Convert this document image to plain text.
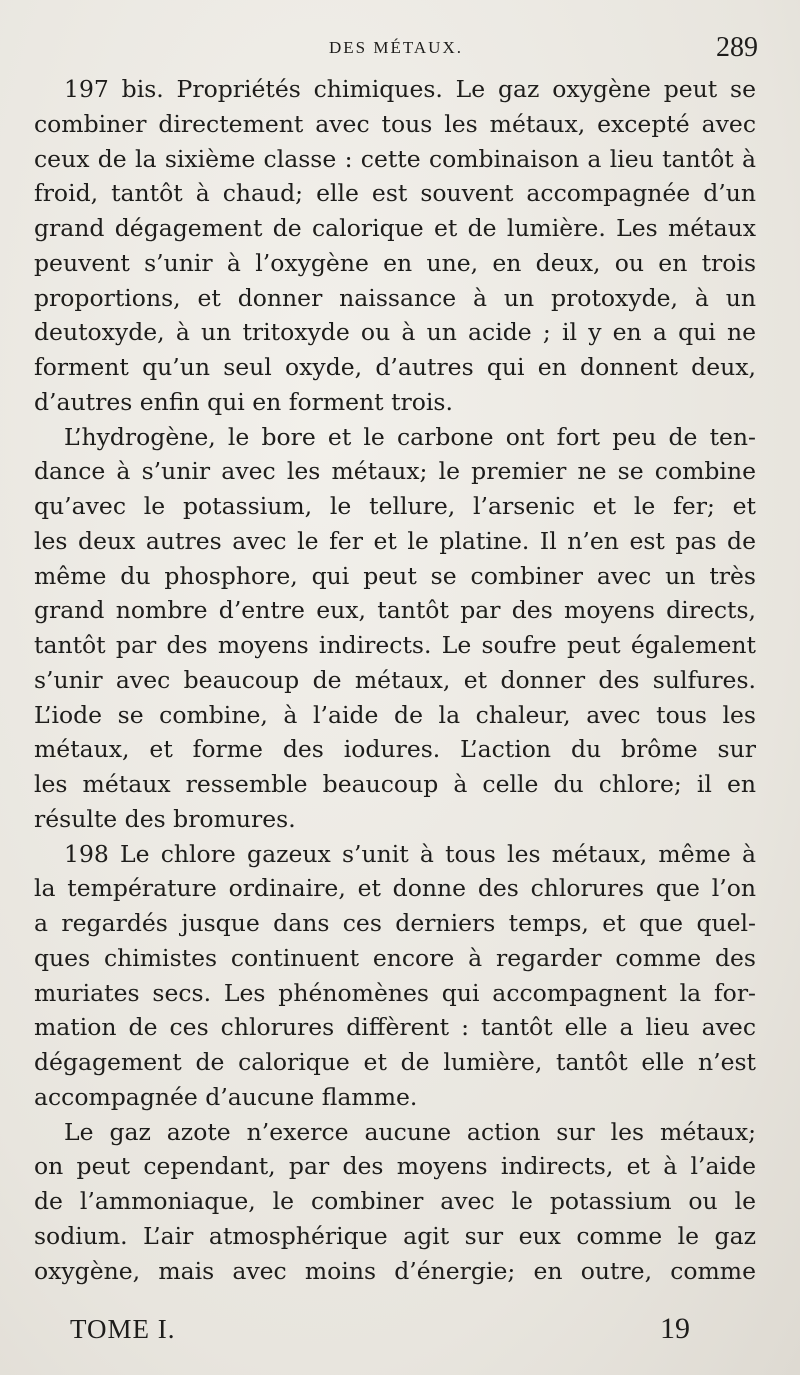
DES MÉTAUX.	289
197 bis. Propriétés chimiques. Le gaz oxygène peut se
combiner directement avec tous les métaux, excepté avec
ceux de la sixième classe : cette combinaison a lieu tantôt à
froid, tantôt à chaud; elle est souvent accompagnée d’un
grand dégagement de calorique et de lumière. Les métaux
peuvent s’unir à l’oxygène en une, en deux, ou en trois
proportions, et donner naissance à un protoxyde, à un
deutoxyde, à un tritoxyde ou à un acide ; il y en a qui ne
forment qu’un seul oxyde, d’autres qui en donnent deux,
d’autres enfin qui en forment trois.
L’hydrogène, le bore et le carbone ont fort peu de ten-
dance à s’unir avec les métaux; le premier ne se combine
qu’avec le potassium, le tellure, l’arsenic et le fer; et
les deux autres avec le fer et le platine. Il n’en est pas de
même du phosphore, qui peut se combiner avec un très
grand nombre d’entre eux, tantôt par des moyens directs,
tantôt par des moyens indirects. Le soufre peut également
s’unir avec beaucoup de métaux, et donner des sulfures.
L’iode se combine, à l’aide de la chaleur, avec tous les
métaux, et forme des iodures. L’action du brôme sur
les métaux ressemble beaucoup à celle du chlore; il en
résulte des bromures.
198 Le chlore gazeux s’unit à tous les métaux, même à
la température ordinaire, et donne des chlorures que l’on
a regardés jusque dans ces derniers temps, et que quel-
ques chimistes continuent encore à regarder comme des
muriates secs. Les phénomènes qui accompagnent la for-
mation de ces chlorures diffèrent : tantôt elle a lieu avec
dégagement de calorique et de lumière, tantôt elle n’est
accompagnée d’aucune flamme.
Le gaz azote n’exerce aucune action sur les métaux;
on peut cependant, par des moyens indirects, et à l’aide
de l’ammoniaque, le combiner avec le potassium ou le
sodium. L’air atmosphérique agit sur eux comme le gaz
oxygène, mais avec moins d’énergie; en outre, comme
TOME I.	19
